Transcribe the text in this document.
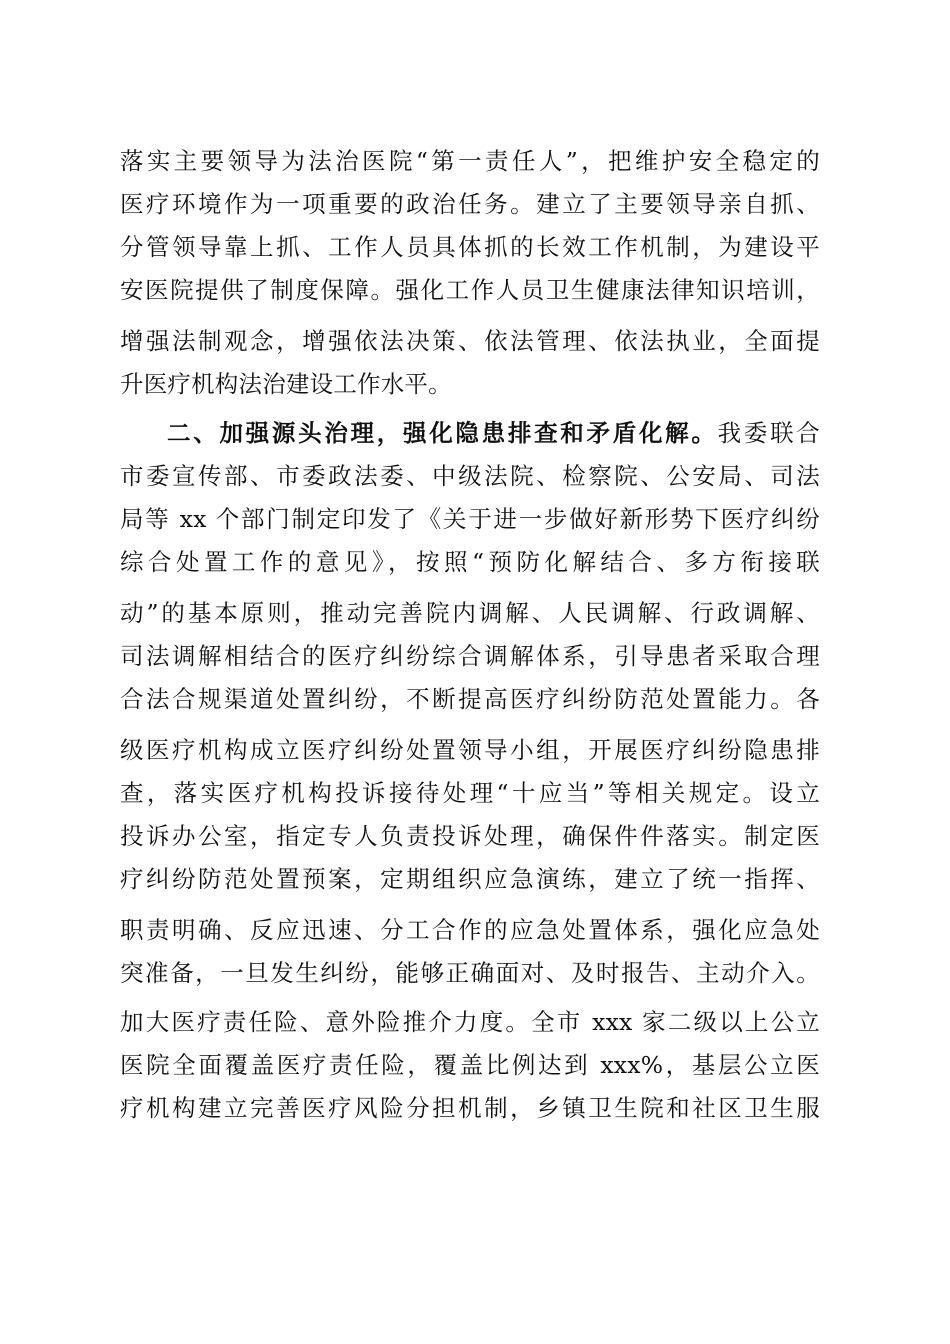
落实主要领导为法治医院“第一责任人”，把维护安全稳定的
医疗环境作为一项重要的政治任务。建立了主要领导亲自抓、
分管领导靠上抓、工作人员具体抓的长效工作机制，为建设平
安医院提供了制度保障。强化工作人员卫生健康法律知识培训，
增强法制观念，增强依法决策、依法管理、依法执业，全面提
升医疗机构法治建设工作水平。
二、加强源头治理，强化隐患排查和矛盾化解。我委联合
市委宣传部、市委政法委、中级法院、检察院、公安局、司法
局等 xx 个部门制定印发了《关于进一步做好新形势下医疗纠纷
综合处置工作的意见》，按照“预防化解结合、多方衔接联
动”的基本原则，推动完善院内调解、人民调解、行政调解、
司法调解相结合的医疗纠纷综合调解体系，引导患者采取合理
合法合规渠道处置纠纷，不断提高医疗纠纷防范处置能力。各
级医疗机构成立医疗纠纷处置领导小组，开展医疗纠纷隐患排
查，落实医疗机构投诉接待处理“十应当”等相关规定。设立
投诉办公室，指定专人负责投诉处理，确保件件落实。制定医
疗纠纷防范处置预案，定期组织应急演练，建立了统一指挥、
职责明确、反应迅速、分工合作的应急处置体系，强化应急处
突准备，一旦发生纠纷，能够正确面对、及时报告、主动介入。
加大医疗责任险、意外险推介力度。全市 xxx 家二级以上公立
医院全面覆盖医疗责任险，覆盖比例达到 xxx%，基层公立医
疗机构建立完善医疗风险分担机制，乡镇卫生院和社区卫生服
